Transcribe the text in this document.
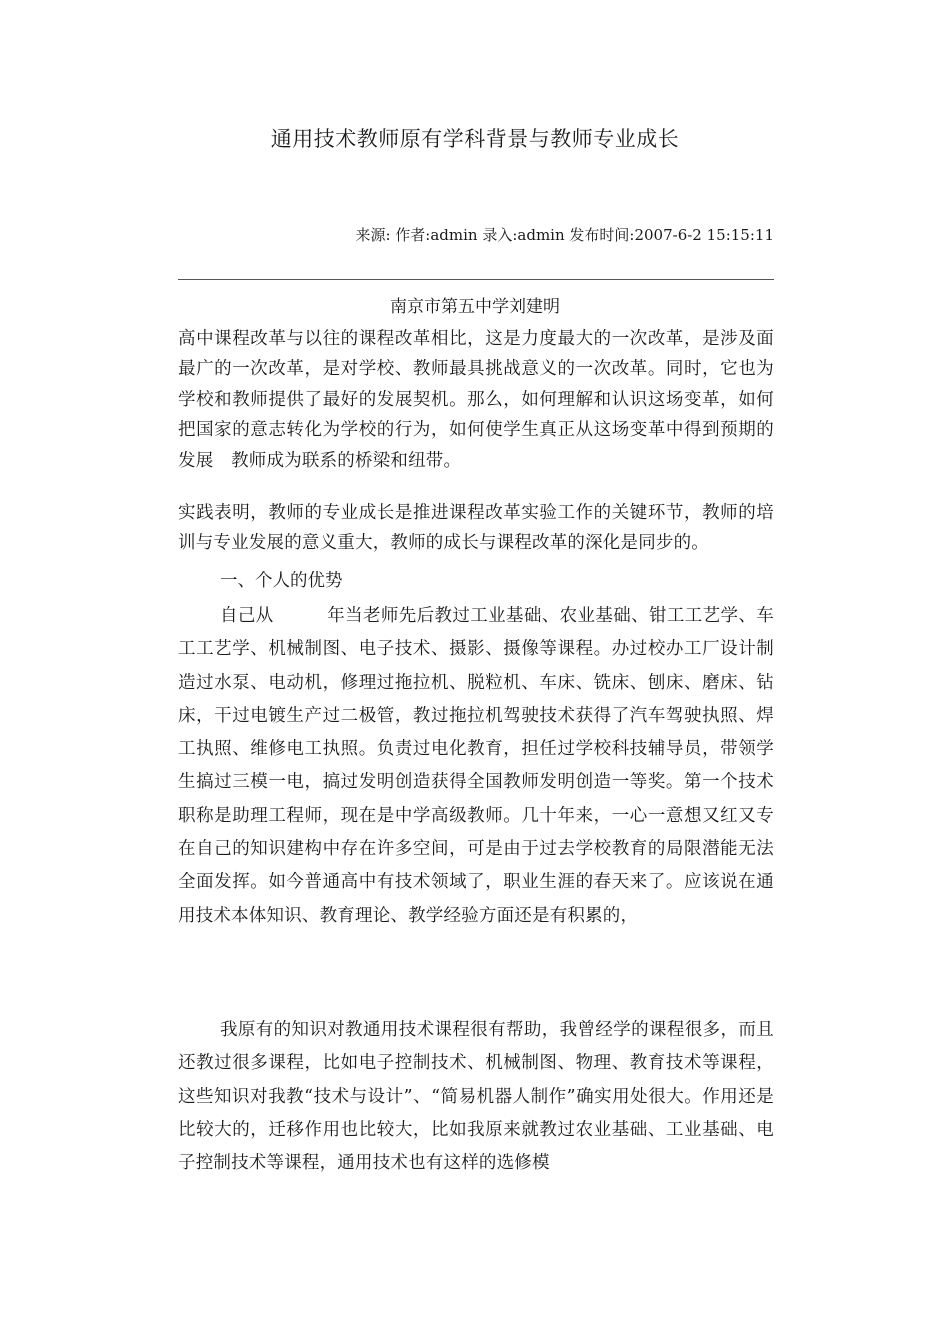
通用技术教师原有学科背景与教师专业成长
来源: 作者:admin 录入:admin 发布时间:2007-6-2 15:15:11
南京市第五中学刘建明
高中课程改革与以往的课程改革相比，这是力度最大的一次改革，是涉及面最广的一次改革，是对学校、教师最具挑战意义的一次改革。同时，它也为学校和教师提供了最好的发展契机。那么，如何理解和认识这场变革，如何把国家的意志转化为学校的行为，如何使学生真正从这场变革中得到预期的发展　教师成为联系的桥梁和纽带。
实践表明，教师的专业成长是推进课程改革实验工作的关键环节，教师的培训与专业发展的意义重大，教师的成长与课程改革的深化是同步的。
一、个人的优势
自己从　　　年当老师先后教过工业基础、农业基础、钳工工艺学、车工工艺学、机械制图、电子技术、摄影、摄像等课程。办过校办工厂设计制造过水泵、电动机，修理过拖拉机、脱粒机、车床、铣床、刨床、磨床、钻床，干过电镀生产过二极管，教过拖拉机驾驶技术获得了汽车驾驶执照、焊工执照、维修电工执照。负责过电化教育，担任过学校科技辅导员，带领学生搞过三模一电，搞过发明创造获得全国教师发明创造一等奖。第一个技术职称是助理工程师，现在是中学高级教师。几十年来，一心一意想又红又专在自己的知识建构中存在许多空间，可是由于过去学校教育的局限潜能无法全面发挥。如今普通高中有技术领域了，职业生涯的春天来了。应该说在通用技术本体知识、教育理论、教学经验方面还是有积累的，
我原有的知识对教通用技术课程很有帮助，我曾经学的课程很多，而且还教过很多课程，比如电子控制技术、机械制图、物理、教育技术等课程，这些知识对我教“技术与设计”、“简易机器人制作”确实用处很大。作用还是比较大的，迁移作用也比较大，比如我原来就教过农业基础、工业基础、电子控制技术等课程，通用技术也有这样的选修模
